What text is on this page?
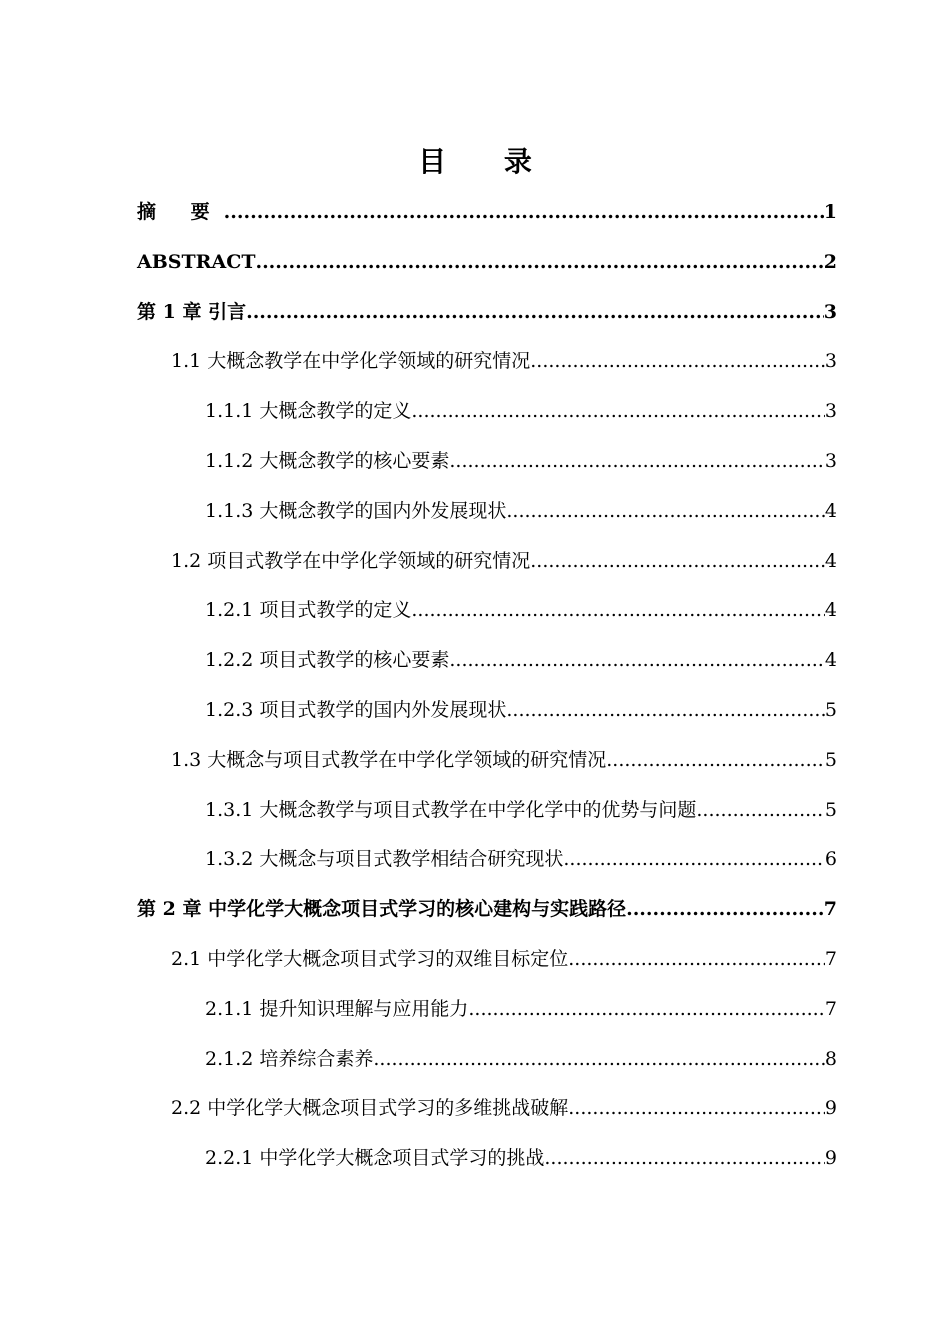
目 录
摘 要 .....	1
ABSTRACT .....	2
第 1 章 引言 .....	3
1.1 大概念教学在中学化学领域的研究情况 .....	3
1.1.1 大概念教学的定义 .....	3
1.1.2 大概念教学的核心要素 .....	3
1.1.3 大概念教学的国内外发展现状 .....	4
1.2 项目式教学在中学化学领域的研究情况 .....	4
1.2.1 项目式教学的定义 .....	4
1.2.2 项目式教学的核心要素 .....	4
1.2.3 项目式教学的国内外发展现状 .....	5
1.3 大概念与项目式教学在中学化学领域的研究情况 .....	5
1.3.1 大概念教学与项目式教学在中学化学中的优势与问题 .....	5
1.3.2 大概念与项目式教学相结合研究现状 .....	6
第 2 章 中学化学大概念项目式学习的核心建构与实践路径 .....	7
2.1 中学化学大概念项目式学习的双维目标定位 .....	7
2.1.1 提升知识理解与应用能力 .....	7
2.1.2 培养综合素养 .....	8
2.2 中学化学大概念项目式学习的多维挑战破解 .....	9
2.2.1 中学化学大概念项目式学习的挑战 .....	9
